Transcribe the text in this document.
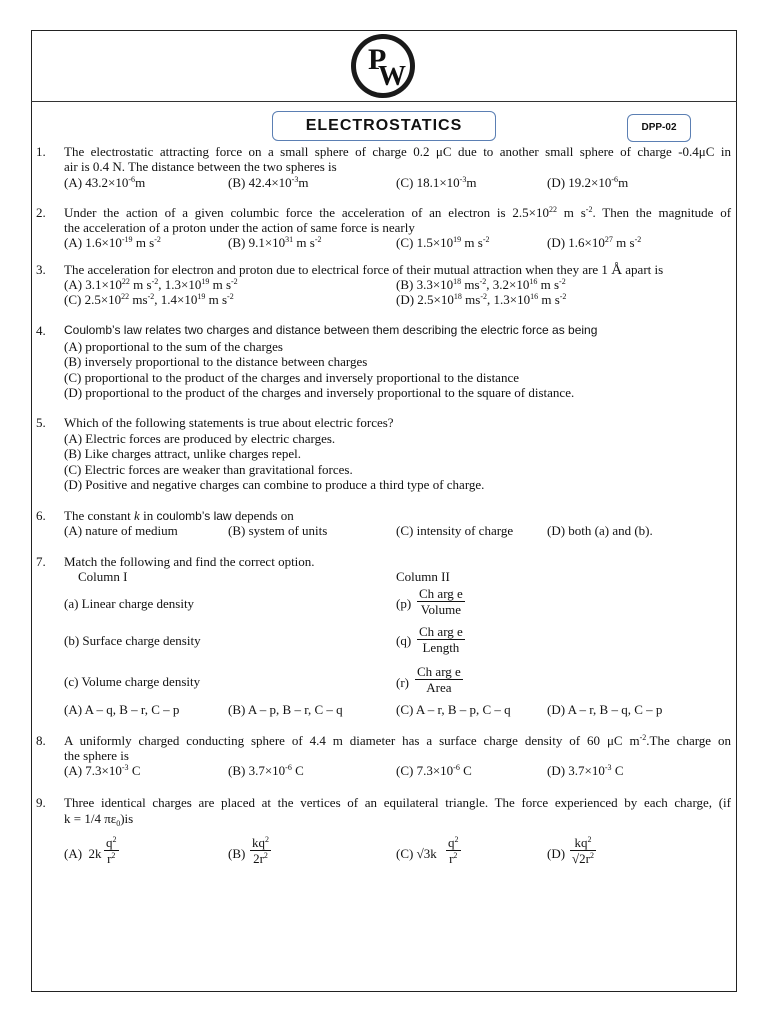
P
W
ELECTROSTATICS	DPP-02
1. The electrostatic attracting force on a small sphere of charge 0.2 μC due to another small sphere of charge -0.4μC in
air is 0.4 N. The distance between the two spheres is
(A) $43.2\times 10^{-6}m$	(B) $42.4\times 10^{-3}m$	(C) $18.1\times 10^{-3}m$	(D) $19.2\times 10^{-6}m$
2. Under the action of a given columbic force the acceleration of an electron is $2.5\times 10^{22}$ m $s^{-2}$. Then the magnitude of
the acceleration of a proton under the action of same force is nearly
(A) $1.6\times 10^{-19}$ m $s^{-2}$	(B) $9.1\times 10^{31}$ m $s^{-2}$	(C) $1.5\times 10^{19}$ m $s^{-2}$	(D) $1.6\times 10^{27}$ m $s^{-2}$
3. The acceleration for electron and proton due to electrical force of their mutual attraction when they are 1 Å apart is
(A) $3.1\times 10^{22}$ m $s^{-2}$, $1.3\times 10^{19}$ m $s^{-2}$	(B) $3.3\times 10^{18}$ $ms^{-2}$, $3.2\times 10^{16}$ m $s^{-2}$
(C) $2.5\times 10^{22}$ $ms^{-2}$, $1.4\times 10^{19}$ m $s^{-2}$	(D) $2.5\times 10^{18}$ $ms^{-2}$, $1.3\times 10^{16}$ m $s^{-2}$
4. Coulomb’s law relates two charges and distance between them describing the electric force as being
(A) proportional to the sum of the charges
(B) inversely proportional to the distance between charges
(C) proportional to the product of the charges and inversely proportional to the distance
(D) proportional to the product of the charges and inversely proportional to the square of distance.
5. Which of the following statements is true about electric forces?
(A) Electric forces are produced by electric charges.
(B) Like charges attract, unlike charges repel.
(C) Electric forces are weaker than gravitational forces.
(D) Positive and negative charges can combine to produce a third type of charge.
6. The constant k in coulomb’s law depends on
(A) nature of medium	(B) system of units	(C) intensity of charge	(D) both (a) and (b).
7. Match the following and find the correct option.
Column I	Column II
(a) Linear charge density	(p)
Ch arg e
Volume
(b) Surface charge density	(q)
Ch arg e
Length
(c) Volume charge density	(r)
Ch arg e
Area
(A) A – q, B – r, C – p	(B) A – p, B – r, C – q	(C) A – r, B – p, C – q	(D) A – r, B – q, C – p
8. A uniformly charged conducting sphere of 4.4 m diameter has a surface charge density of 60 μC $m^{-2}.The$ charge on
the sphere is
(A) $7.3\times 10^{-3}$ C	(B) $3.7\times 10^{-6}$ C	(C) $7.3\times 10^{-6}$ C	(D) $3.7\times 10^{-3}$ C
9. Three identical charges are placed at the vertices of an equilateral triangle. The force experienced by each charge, (if
k = 1/4 $\pi\varepsilon_0)is$
(A) $2k \frac{q^2}{r^2}$	$(B) \frac{kq^2}{2r^2}$	(C) $√3k \frac{q^2}{r^2}$	$(D) \frac{kq^2}{√2r^2}$
